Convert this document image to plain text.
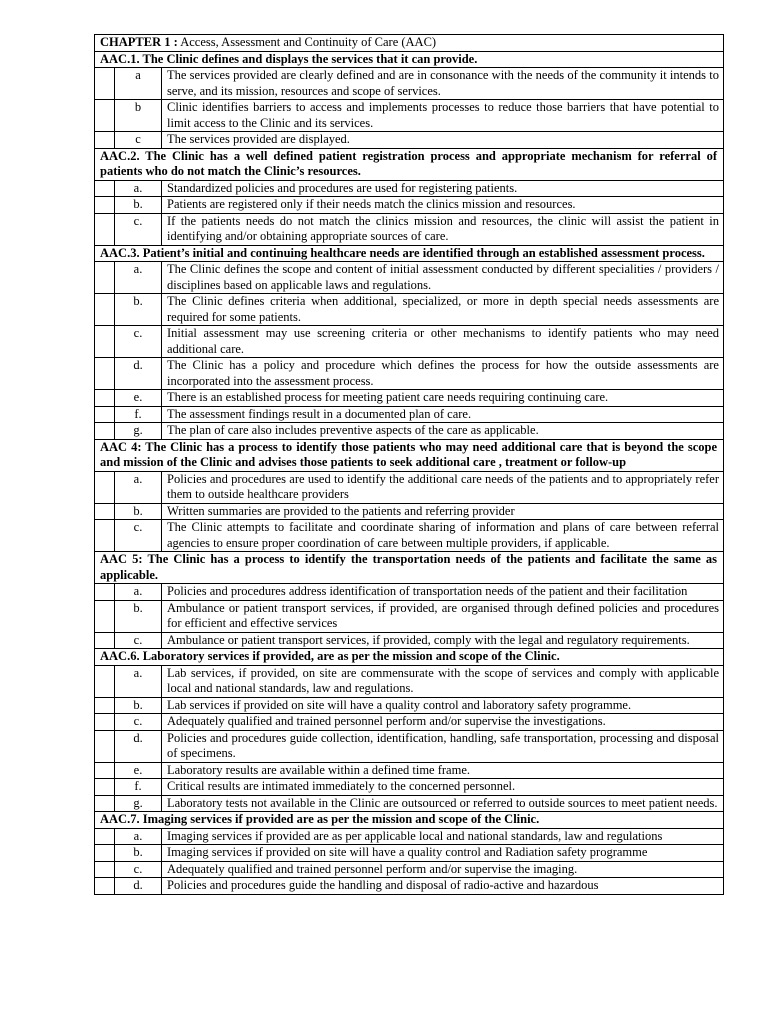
CHAPTER 1 : Access, Assessment and Continuity of Care (AAC)		
AAC.1. The Clinic defines and displays the services that it can provide.		
	a	The services provided are clearly defined and are in consonance with the needs of the community it intends to serve, and its mission, resources and scope of services.
	b	Clinic identifies barriers to access and implements processes to reduce those barriers that have potential to limit access to the Clinic and its services.
	c	The services provided are displayed.
AAC.2. The Clinic has a well defined patient registration process and appropriate mechanism for referral of patients who do not match the Clinic’s resources.		
	a.	Standardized policies and procedures are used for registering patients.
	b.	Patients are registered only if their needs match the clinics mission and resources.
	c.	If the patients needs do not match the clinics mission and resources, the clinic will assist the patient in identifying and/or obtaining appropriate sources of care.
AAC.3. Patient’s initial and continuing healthcare needs are identified through an established assessment process.		
	a.	The Clinic defines the scope and content of initial assessment conducted by different specialities / providers / disciplines based on applicable laws and regulations.
	b.	The Clinic defines criteria when additional, specialized, or more in depth special needs assessments are required for some patients.
	c.	Initial assessment may use screening criteria or other mechanisms to identify patients who may need additional care.
	d.	The Clinic has a policy and procedure which defines the process for how the outside assessments are incorporated into the assessment process.
	e.	There is an established process for meeting patient care needs requiring continuing care.
	f.	The assessment findings result in a documented plan of care.
	g.	The plan of care also includes preventive aspects of the care as applicable.
AAC 4: The Clinic has a process to identify those patients who may need additional care that is beyond the scope and mission of the Clinic and advises those patients to seek additional care , treatment or follow-up		
	a.	Policies and procedures are used to identify the additional care needs of the patients and to appropriately refer them to outside healthcare providers
	b.	Written summaries are provided to the patients and referring provider
	c.	The Clinic attempts to facilitate and coordinate sharing of information and plans of care between referral agencies to ensure proper coordination of care between multiple providers, if applicable.
AAC 5: The Clinic has a process to identify the transportation needs of the patients and facilitate the same as applicable.		
	a.	Policies and procedures address identification of transportation needs of the patient and their facilitation
	b.	Ambulance or patient transport services, if provided, are organised through defined policies and procedures for efficient and effective services
	c.	Ambulance or patient transport services, if provided, comply with the legal and regulatory requirements.
AAC.6. Laboratory services if provided, are as per the mission and scope of the Clinic.		
	a.	Lab services, if provided, on site are commensurate with the scope of services and comply with applicable local and national standards, law and regulations.
	b.	Lab services if provided on site will have a quality control and laboratory safety programme.
	c.	Adequately qualified and trained personnel perform and/or supervise the investigations.
	d.	Policies and procedures guide collection, identification, handling, safe transportation, processing and disposal of specimens.
	e.	Laboratory results are available within a defined time frame.
	f.	Critical results are intimated immediately to the concerned personnel.
	g.	Laboratory tests not available in the Clinic are outsourced or referred to outside sources to meet patient needs.
AAC.7. Imaging services if provided are as per the mission and scope of the Clinic.		
	a.	Imaging services if provided are as per applicable local and national standards, law and regulations
	b.	Imaging services if provided on site will have a quality control and Radiation safety programme
	c.	Adequately qualified and trained personnel perform and/or supervise the imaging.
	d.	Policies and procedures guide the handling and disposal of radio-active and hazardous
